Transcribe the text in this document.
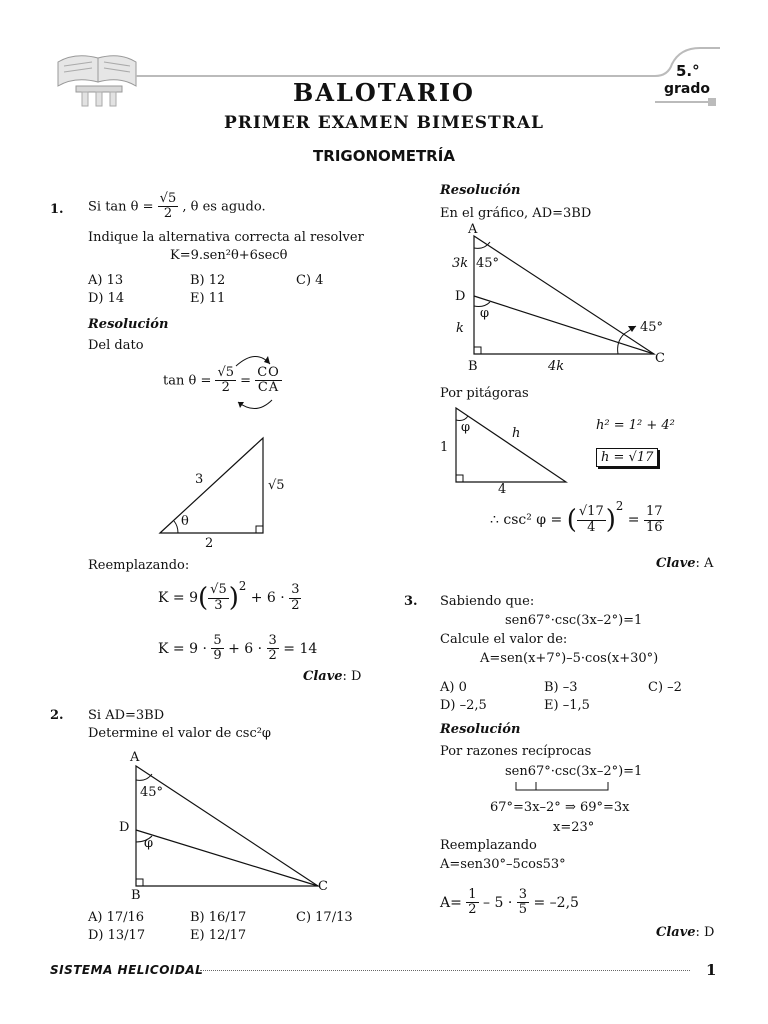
BALOTARIO
PRIMER EXAMEN BIMESTRAL
TRIGONOMETRÍA
5.°
grado
1. Si $\tan \theta = \frac{√5}{2}$ , θ es agudo.
Indique la alternativa correcta al resolver
K=9.sen²θ+6secθ
A) 13	B) 12	C) 4
D) 14	E) 11
Resolución
Del dato
$\tan \theta = \frac{√5}{2} = \frac{CO}{CA}$
3	√5
2
θ
Reemplazando:
$K = 9( \frac{√5}{3} )^2 + 6 \cdot \frac{3}{2}$
$K = 9 \cdot \frac{5}{9} + 6 \cdot \frac{3}{2} = 14$
Clave: D
2. Si AD=3BD
Determine el valor de csc²φ
A
45°
D
φ
B
C
A) 17/16	B) 16/17	C) 17/13
D) 13/17	E) 12/17
Resolución
En el gráfico, AD=3BD
A
3k 45°
D
φ
k	45°
C
B	4k
Por pitágoras
φ	h
1
4
h² = 1² + 4²
h = √17
∴ csc² φ = ( $\frac{√17}{4} )^2 = \frac{17}{16}$
Clave: A
3. Sabiendo que:
sen67°·csc(3x–2°)=1
Calcule el valor de:
A=sen(x+7°)–5·cos(x+30°)
A) 0	B) –3	C) –2
D) –2,5	E) –1,5
Resolución
Por razones recíprocas
sen67°·csc(3x–2°)=1
67°=3x–2° ⇒ 69°=3x
x=23°
Reemplazando
A=sen30°–5cos53°
$A= \frac{1}{2} - 5 \cdot \frac{3}{5} = -2,5$
Clave: D
SISTEMA HELICOIDAL	1
